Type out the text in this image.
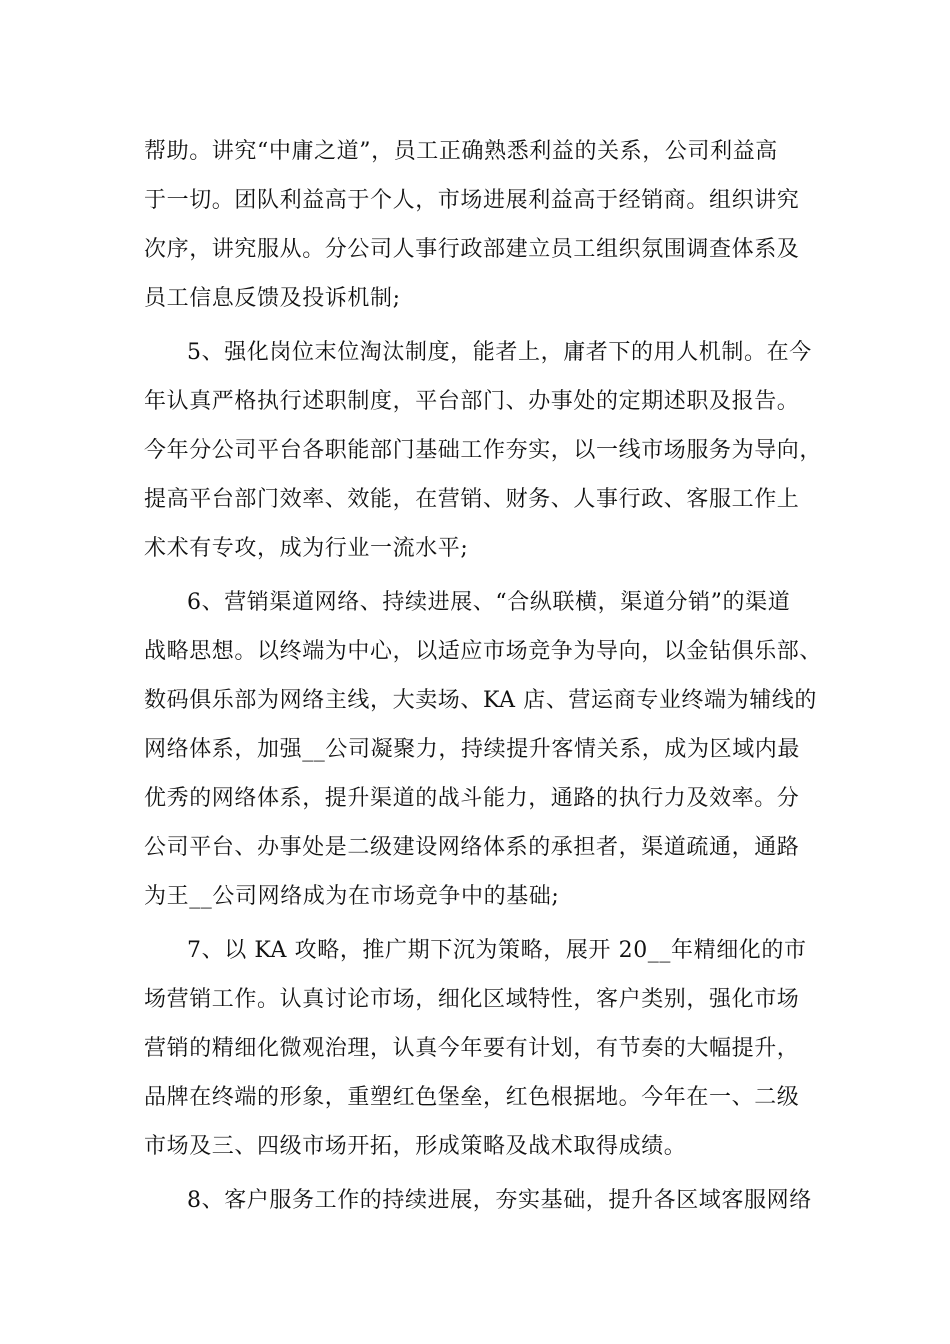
帮助。讲究“中庸之道”，员工正确熟悉利益的关系，公司利益高
于一切。团队利益高于个人，市场进展利益高于经销商。组织讲究
次序，讲究服从。分公司人事行政部建立员工组织氛围调查体系及
员工信息反馈及投诉机制;
5、强化岗位末位淘汰制度，能者上，庸者下的用人机制。在今
年认真严格执行述职制度，平台部门、办事处的定期述职及报告。
今年分公司平台各职能部门基础工作夯实，以一线市场服务为导向，
提高平台部门效率、效能，在营销、财务、人事行政、客服工作上
术术有专攻，成为行业一流水平;
6、营销渠道网络、持续进展、“合纵联横，渠道分销”的渠道
战略思想。以终端为中心，以适应市场竞争为导向，以金钻俱乐部、
数码俱乐部为网络主线，大卖场、KA 店、营运商专业终端为辅线的
网络体系，加强__公司凝聚力，持续提升客情关系，成为区域内最
优秀的网络体系，提升渠道的战斗能力，通路的执行力及效率。分
公司平台、办事处是二级建设网络体系的承担者，渠道疏通，通路
为王__公司网络成为在市场竞争中的基础;
7、以 KA 攻略，推广期下沉为策略，展开 20__年精细化的市
场营销工作。认真讨论市场，细化区域特性，客户类别，强化市场
营销的精细化微观治理，认真今年要有计划，有节奏的大幅提升，
品牌在终端的形象，重塑红色堡垒，红色根据地。今年在一、二级
市场及三、四级市场开拓，形成策略及战术取得成绩。
8、客户服务工作的持续进展，夯实基础，提升各区域客服网络
